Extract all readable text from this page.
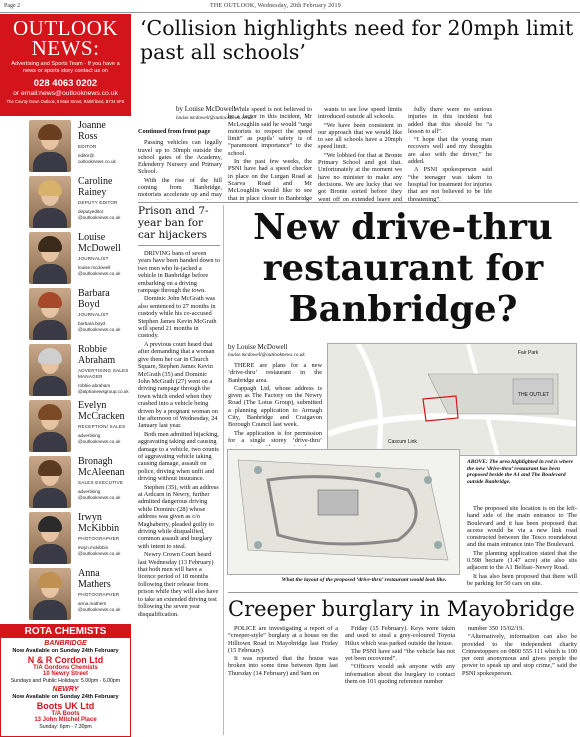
Page 2	THE OUTLOOK, Wednesday, 20th February 2019
OUTLOOK
NEWS:
Advertising and Sports Team - If you have a news or sports story contact us on
028 4063 0202
or email:news@outlooknews.co.uk
The County Down Outlook, 8 Main Street, Rathfriland, BT34 5PS
Joanne
Ross
EDITOR
editor@
outlooknews.co.uk
Caroline
Rainey
DEPUTY EDITOR
deputyeditor
@outlooknews.co.uk
Louise
McDowell
JOURNALIST
louise.mcdowell
@outlooknews.co.uk
Barbara
Boyd
JOURNALIST
barbara.boyd
@outlooknews.co.uk
Robbie
Abraham
ADVERTISING SALES MANAGER
robbie.abraham
@alphanewsgroup.co.uk
Evelyn
McCracken
RECEPTION/ SALES
advertising
@outlooknews.co.uk
Bronagh
McAleenan
SALES EXECUTIVE
advertising
@outlooknews.co.uk
Irwyn
McKibbin
PHOTOGRAPHER
irwyn.mckibbin
@outlooknews.co.uk
Anna
Mathers
PHOTOGRAPHER
anna.mathers
@outlooknews.co.uk
ROTA CHEMISTS
BANBRIDGE
Now Available on Sunday 24th February
N & R Cordon Ltd
T/A Gordons Chemists
10 Newry Street
Sundays and Public Holidays: 5.00pm - 6.00pm
NEWRY
Now Available on Sunday 24th February
Boots UK Ltd
T/A Boots
13 John Mitchel Place
Sunday: 6pm - 7.30pm
‘Collision highlights need for 20mph limit past all schools’
by Louise McDowell
louise.mcdowell@outlooknews.co.uk
Continued from front page

Passing vehicles can legally travel up to 30mph outside the school gates of the Academy, Edenderry Nursery and Primary School.

With the rise of the hill coming from Banbridge, motorists accelerate up and may

While speed is not believed to be a factor in this incident, Mr McLoughlin said he would “urge motorists to respect the speed limit” as pupils’ safety is of “paramount importance” to the school.

In the past few weeks, the PSNI have had a speed checker in place on the Lurgan Road at Scarva Road and Mr McLoughlin would like to see that in place closer to Banbridge

wants to see low speed limits introduced outside all schools.

“We have been consistent in our approach that we would like to see all schools have a 20mph speed limit.

“We lobbied for that at Bronte Primary School and got that. Unfortunately at the moment we have no minister to make any decisions. We are lucky that we got Bronte sorted before they went off on extended leave and

fully there were no serious injuries in this incident but added that this should be “a lesson to all”.

“I hope that the young man recovers well and my thoughts are also with the driver,” he added.

A PSNI spokesperson said “the teenager was taken to hospital for treatment for injuries that are not believed to be life threatening”.

Prison and 7-year ban for car hijackers

DRIVING bans of seven years have been handed down to two men who hi-jacked a vehicle in Banbridge before embarking on a driving rampage through the town.

Dominic John McGrath was also sentenced to 27 months in custody while his co-accused Stephen James Kevin McGrath will spend 21 months in custody.

A previous court heard that after demanding that a woman give them her car in Church Square, Stephen James Kevin McGrath (35) and Dominic John McGrath (27) went on a driving rampage through the town which ended when they crashed into a vehicle being driven by a pregnant woman on the afternoon of Wednesday, 24 January last year.

Both men admitted hijacking, aggravating taking and causing damage to a vehicle, two counts of aggravating vehicle taking causing damage, assault on police, driving when unfit and driving without insurance.

Stephen (35), with an address at Ardcarn in Newry, further admitted dangerous driving while Dominic (28) whose address was given as c/o Maghaberry, pleaded guilty to driving while disqualified, common assault and burglary with intent to steal.

Newry Crown Court heard last Wednesday (13 February) that both men will have a licence period of 18 months following their release from prison while they will also have to take an extended driving test following the seven year disqualification.

New drive-thru restaurant for Banbridge?
by Louise McDowell
louise.mcdowell@outlooknews.co.uk

THERE are plans for a new ‘drive-thru’ restaurant in the Banbridge area.

Cappagh Ltd, whose address is given as The Factory on the Newry Road (The Lotus Group), submitted a planning application to Armagh City, Banbridge and Craigavon Borough Council last week.

The application is for permission for a single storey ‘drive-thru’

Fair Park
THE OUTLET
Cascum Link
ABOVE: The area highlighted in red is where the new ‘drive-thru’ restaurant has been proposed beside the A1 and The Boulevard outside Banbridge.
What the layout of the proposed ‘drive-thru’ restaurant would look like.

The proposed site location is on the left-hand side of the main entrance to The Boulevard and it has been proposed that access would be via a new link road constructed between the Tesco roundabout and the main entrance into The Boulevard.

The planning application stated that the 0.598 hectare (1.47 acre) site also sits adjacent to the A1 Belfast–Newry Road.

It has also been proposed that there will be parking for 50 cars on site.

Creeper burglary in Mayobridge

POLICE are investigating a report of a “creeper-style” burglary at a house on the Hilltown Road in Mayobridge last Friday (15 February).

It was reported that the house was broken into some time between 8pm last Thursday (14 February) and 9am on

Friday (15 February). Keys were taken and used to steal a grey-coloured Toyota Hilux which was parked outside the house.

The PSNI have said “the vehicle has not yet been recovered”.

“Officers would ask anyone with any information about the burglary to contact them on 101 quoting reference number

number 350 15/02/19.

“Alternatively, information can also be provided to the independent charity Crimestoppers on 0800 555 111 which is 100 per cent anonymous and gives people the power to speak up and stop crime,” said the PSNI spokesperson.
